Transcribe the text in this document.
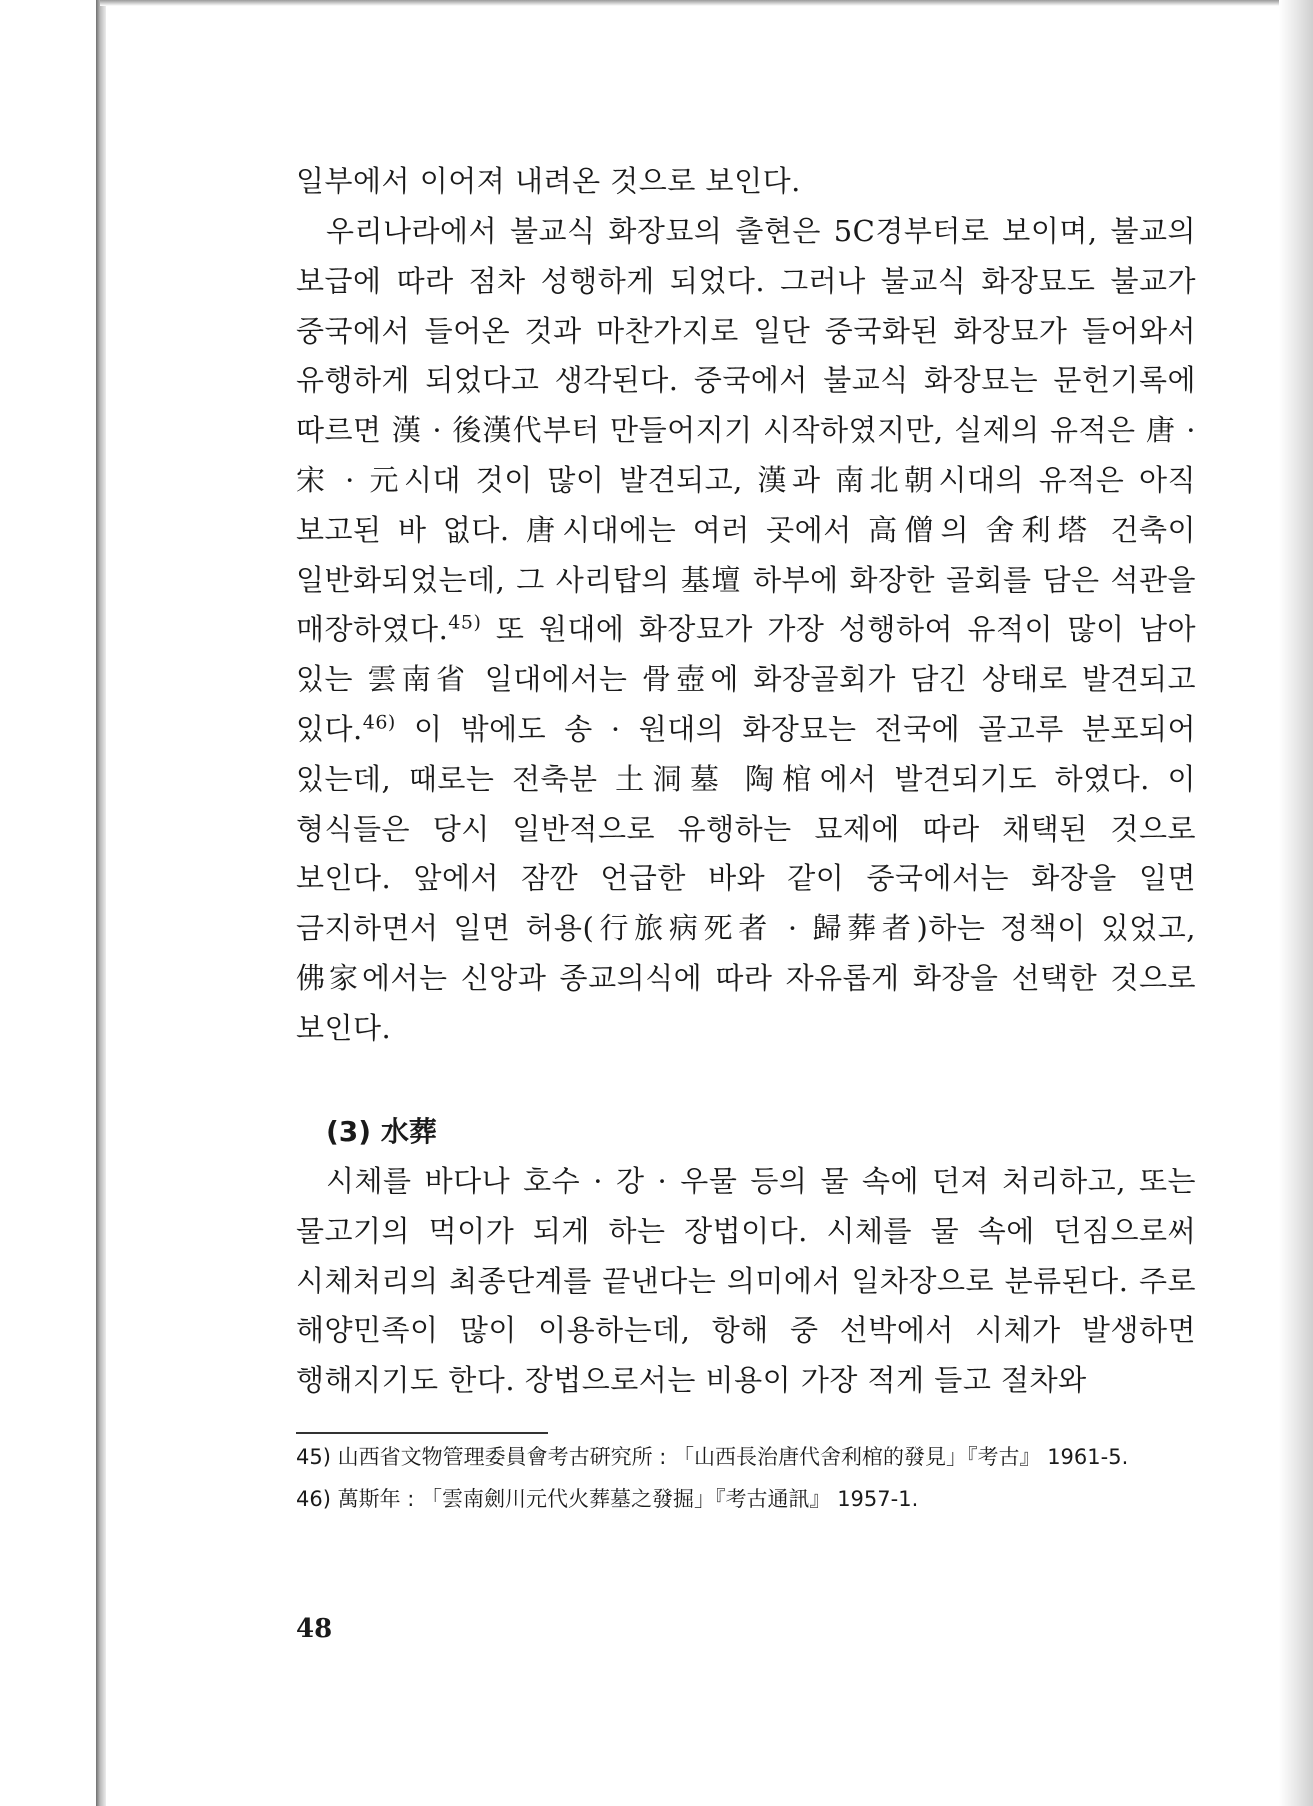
일부에서 이어져 내려온 것으로 보인다.

우리나라에서 불교식 화장묘의 출현은 5C경부터로 보이며, 불교의 보급에 따라 점차 성행하게 되었다. 그러나 불교식 화장묘도 불교가 중국에서 들어온 것과 마찬가지로 일단 중국화된 화장묘가 들어와서 유행하게 되었다고 생각된다. 중국에서 불교식 화장묘는 문헌기록에 따르면 漢 · 後漢代부터 만들어지기 시작하였지만, 실제의 유적은 唐 · 宋 · 元시대 것이 많이 발견되고, 漢과 南北朝시대의 유적은 아직 보고된 바 없다. 唐시대에는 여러 곳에서 高僧의 舍利塔 건축이 일반화되었는데, 그 사리탑의 基壇 하부에 화장한 골회를 담은 석관을 매장하였다.$^{45)}$ 또 원대에 화장묘가 가장 성행하여 유적이 많이 남아 있는 雲南省 일대에서는 骨壺에 화장골회가 담긴 상태로 발견되고 있다.$^{46)}$ 이 밖에도 송 · 원대의 화장묘는 전국에 골고루 분포되어 있는데, 때로는 전축분 土洞墓 陶棺에서 발견되기도 하였다. 이 형식들은 당시 일반적으로 유행하는 묘제에 따라 채택된 것으로 보인다. 앞에서 잠깐 언급한 바와 같이 중국에서는 화장을 일면 금지하면서 일면 허용(行旅病死者 · 歸葬者)하는 정책이 있었고, 佛家에서는 신앙과 종교의식에 따라 자유롭게 화장을 선택한 것으로 보인다.

(3) 水葬

시체를 바다나 호수 · 강 · 우물 등의 물 속에 던져 처리하고, 또는 물고기의 먹이가 되게 하는 장법이다. 시체를 물 속에 던짐으로써 시체처리의 최종단계를 끝낸다는 의미에서 일차장으로 분류된다. 주로 해양민족이 많이 이용하는데, 항해 중 선박에서 시체가 발생하면 행해지기도 한다. 장법으로서는 비용이 가장 적게 들고 절차와

45) 山西省文物管理委員會考古硏究所 : 「山西長治唐代舍利棺的發見」『考古』 1961-5.

46) 萬斯年 : 「雲南劍川元代火葬墓之發掘」『考古通訊』 1957-1.

48
